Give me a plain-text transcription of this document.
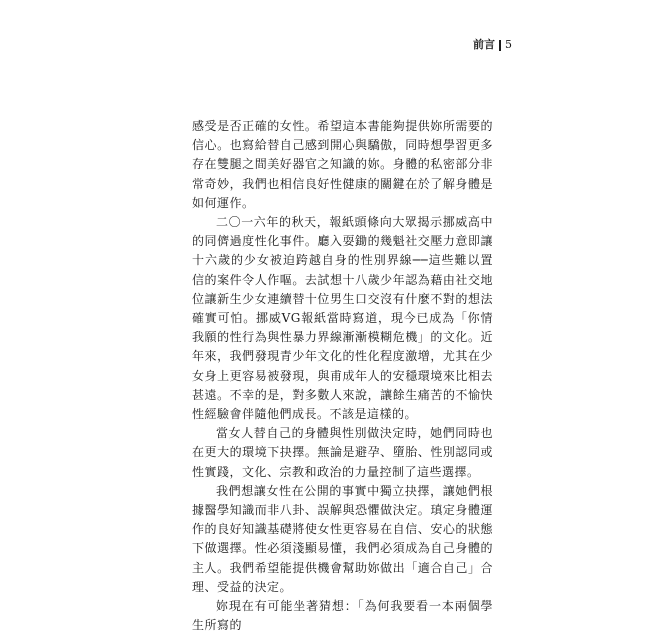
前言 5

感受是否正確的女性。希望這本書能夠提供妳所需要的信心。也寫給替自己感到開心與驕傲，同時想學習更多存在雙腿之間美好器官之知識的妳。身體的私密部分非常奇妙，我們也相信良好性健康的關鍵在於了解身體是如何運作。

二〇一六年的秋天，報紙頭條向大眾揭示挪威高中的同儕過度性化事件。廳入耍鋤的幾魁社交壓力意即讓十六歲的少女被迫跨越自身的性別界線──這些難以置信的案件令人作嘔。去試想十八歲少年認為藉由社交地位讓新生少女連續替十位男生口交沒有什麼不對的想法確實可怕。挪威VG報紙當時寫道，現今已成為「你情我願的性行為與性暴力界線漸漸模糊危機」的文化。近年來，我們發現青少年文化的性化程度激增，尤其在少女身上更容易被發現，與甫成年人的安穩環境來比相去甚遠。不幸的是，對多數人來說，讓餘生痛苦的不愉快性經驗會伴隨他們成長。不該是這樣的。

當女人替自己的身體與性別做決定時，她們同時也在更大的環境下抉擇。無論是避孕、墮胎、性別認同或性實踐，文化、宗教和政治的力量控制了這些選擇。

我們想讓女性在公開的事實中獨立抉擇，讓她們根據醫學知識而非八卦、誤解與恐懼做決定。瑱定身體運作的良好知識基礎將使女性更容易在自信、安心的狀態下做選擇。性必須淺顯易懂，我們必須成為自己身體的主人。我們希望能提供機會幫助妳做出「適合自己」合理、受益的決定。

妳現在有可能坐著猜想：「為何我要看一本兩個學生所寫的
